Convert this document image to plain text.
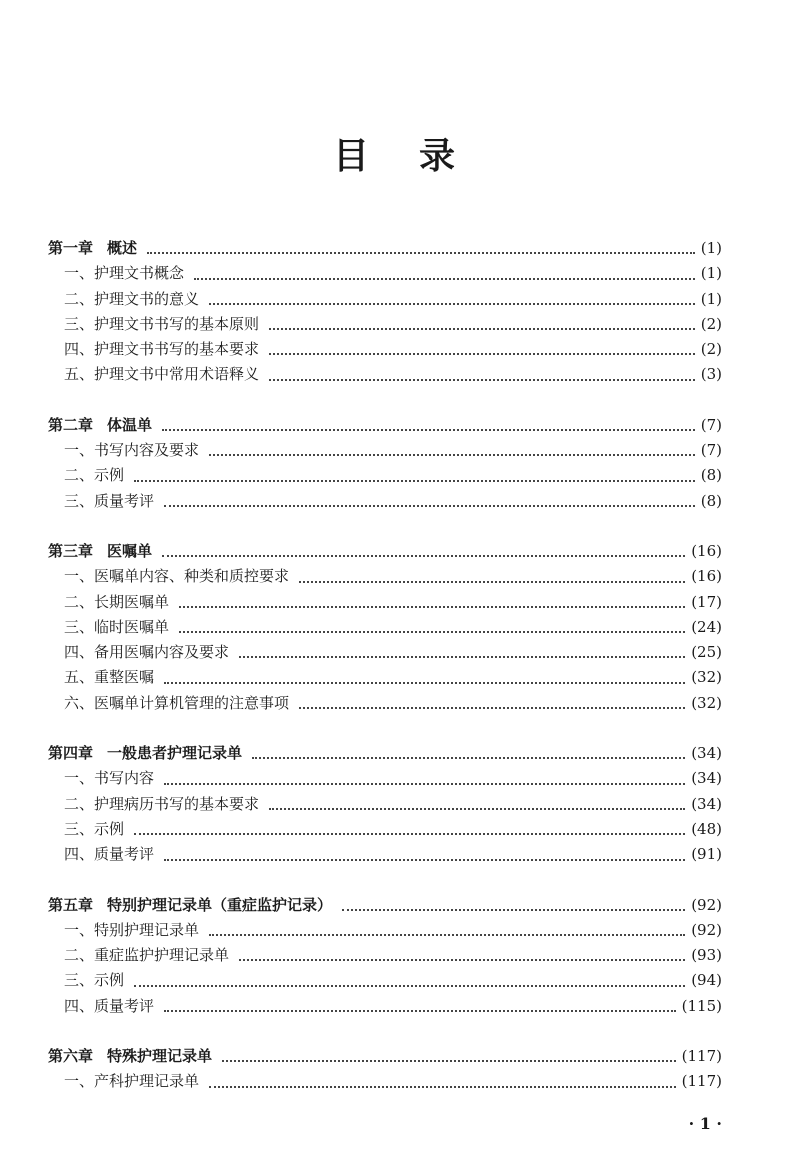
目 录
第一章 概述	(1)
一、护理文书概念	(1)
二、护理文书的意义	(1)
三、护理文书书写的基本原则	(2)
四、护理文书书写的基本要求	(2)
五、护理文书中常用术语释义	(3)
第二章 体温单	(7)
一、书写内容及要求	(7)
二、示例	(8)
三、质量考评	(8)
第三章 医嘱单	(16)
一、医嘱单内容、种类和质控要求	(16)
二、长期医嘱单	(17)
三、临时医嘱单	(24)
四、备用医嘱内容及要求	(25)
五、重整医嘱	(32)
六、医嘱单计算机管理的注意事项	(32)
第四章 一般患者护理记录单	(34)
一、书写内容	(34)
二、护理病历书写的基本要求	(34)
三、示例	(48)
四、质量考评	(91)
第五章 特别护理记录单（重症监护记录）	(92)
一、特别护理记录单	(92)
二、重症监护护理记录单	(93)
三、示例	(94)
四、质量考评	(115)
第六章 特殊护理记录单	(117)
一、产科护理记录单	(117)
· 1 ·
